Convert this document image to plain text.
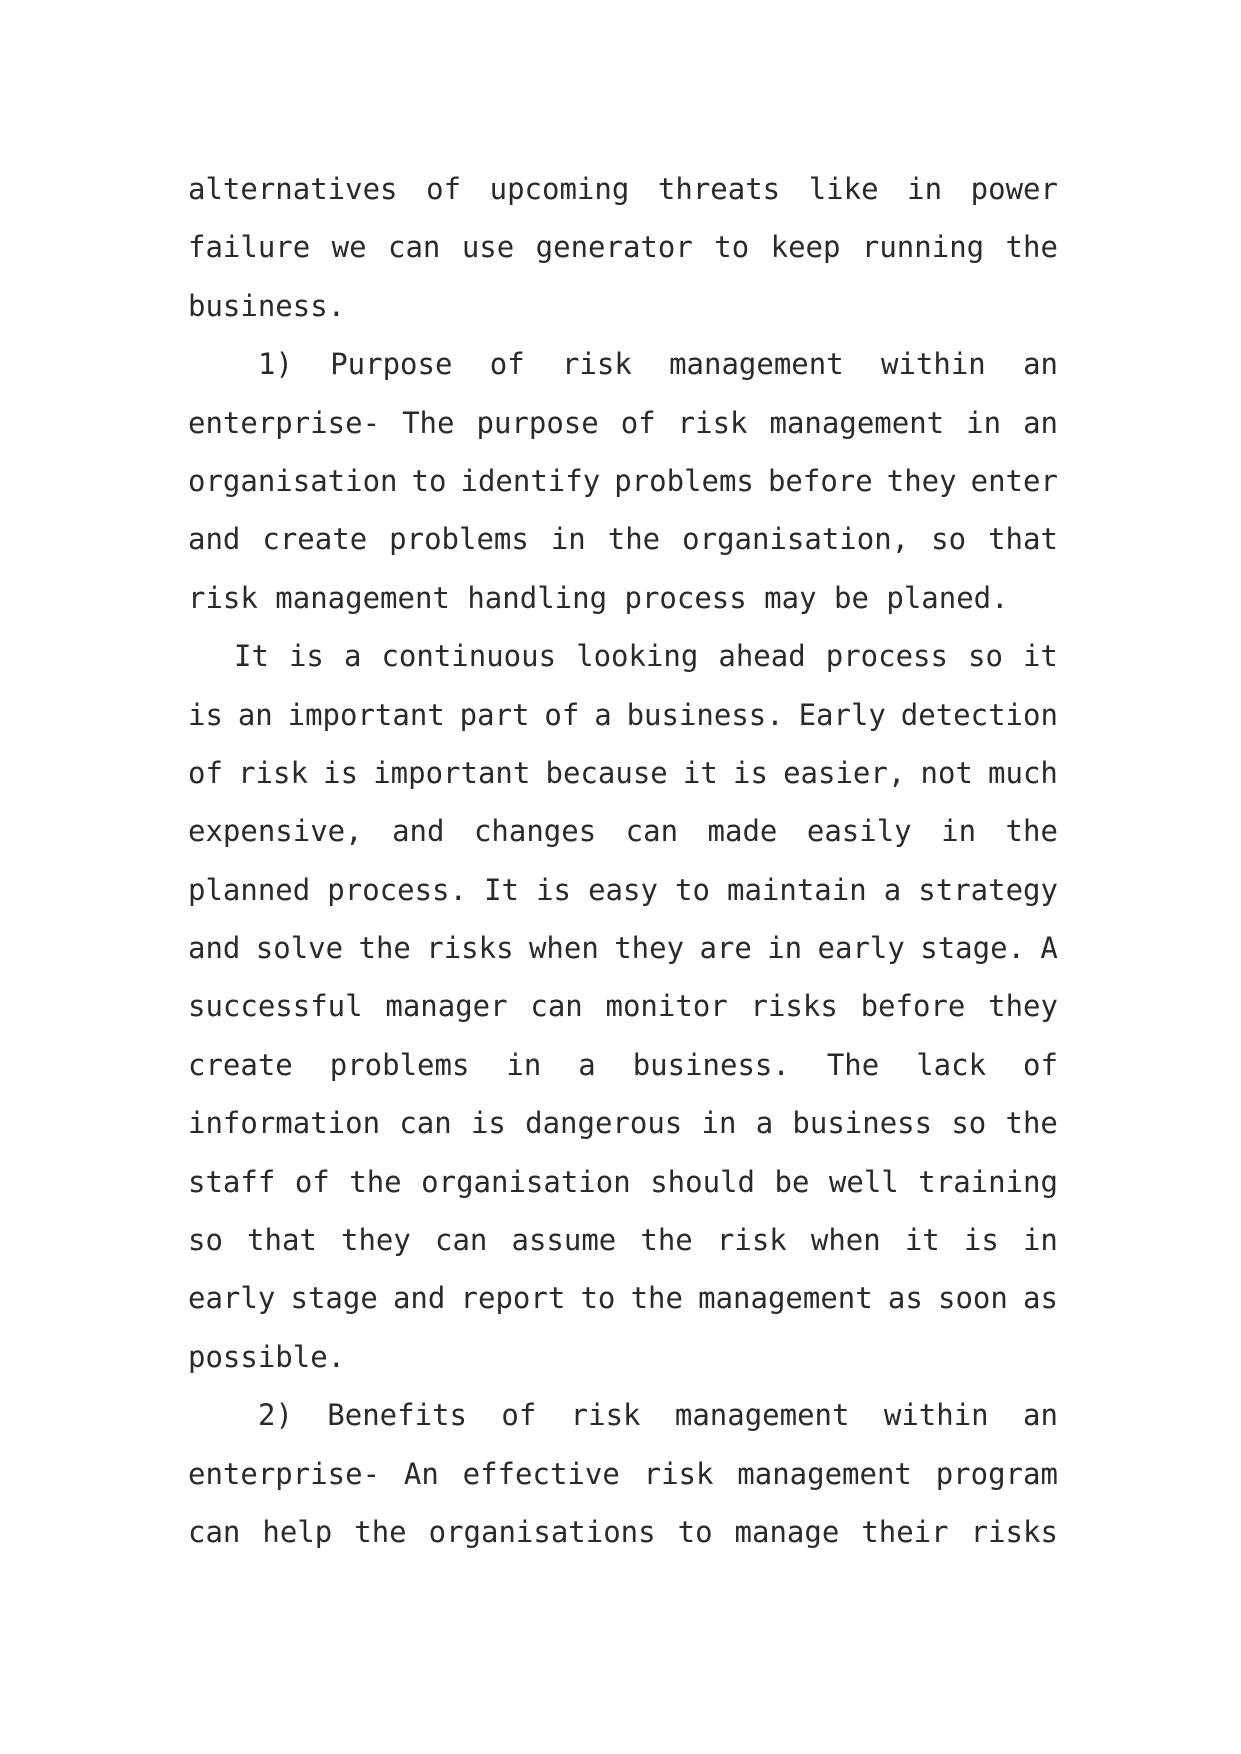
alternatives of upcoming threats like in power
failure we can use generator to keep running the
business.
1) Purpose of risk management within an
enterprise- The purpose of risk management in an
organisation to identify problems before they enter
and create problems in the organisation, so that
risk management handling process may be planed.
It is a continuous looking ahead process so it
is an important part of a business. Early detection
of risk is important because it is easier, not much
expensive, and changes can made easily in the
planned process. It is easy to maintain a strategy
and solve the risks when they are in early stage. A
successful manager can monitor risks before they
create problems in a business. The lack of
information can is dangerous in a business so the
staff of the organisation should be well training
so that they can assume the risk when it is in
early stage and report to the management as soon as
possible.
2) Benefits of risk management within an
enterprise- An effective risk management program
can help the organisations to manage their risks
